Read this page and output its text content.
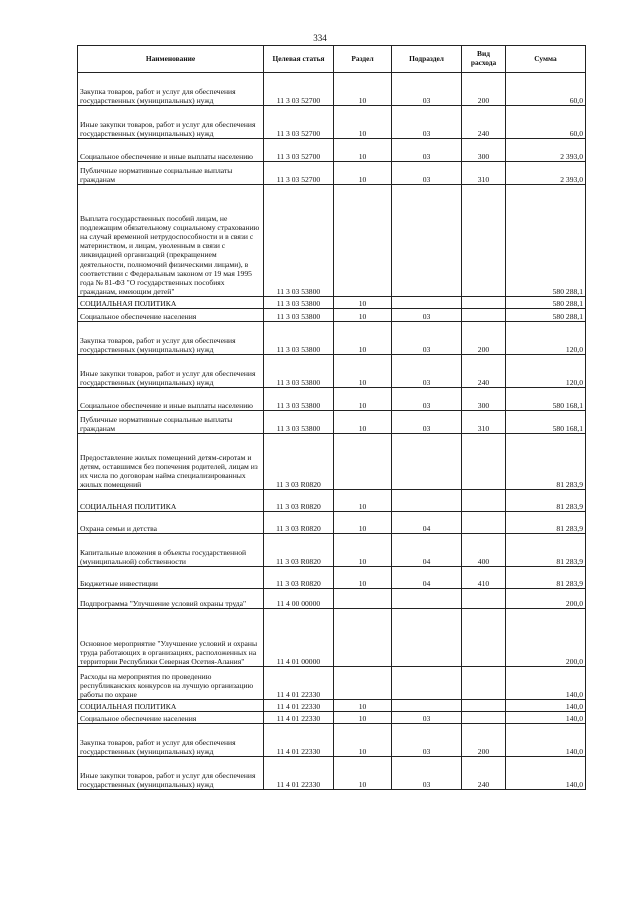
334
Наименование	Целевая статья	Раздел	Подраздел	Вид расхода	Сумма
Закупка товаров, работ и услуг для обеспечения государственных (муниципальных) нужд	11 3 03 52700	10	03	200	60,0
Иные закупки товаров, работ и услуг для обеспечения государственных (муниципальных) нужд	11 3 03 52700	10	03	240	60,0
Социальное обеспечение и иные выплаты населению	11 3 03 52700	10	03	300	2 393,0
Публичные нормативные социальные выплаты гражданам	11 3 03 52700	10	03	310	2 393,0
Выплата государственных пособий лицам, не подлежащим обязательному социальному страхованию на случай временной нетрудоспособности и в связи с материнством, и лицам, уволенным в связи с ликвидацией организаций (прекращением деятельности, полномочий физическими лицами), в соответствии с Федеральным законом от 19 мая 1995 года № 81-ФЗ "О государственных пособиях гражданам, имеющим детей"	11 3 03 53800				580 288,1
СОЦИАЛЬНАЯ ПОЛИТИКА	11 3 03 53800	10			580 288,1
Социальное обеспечение населения	11 3 03 53800	10	03		580 288,1
Закупка товаров, работ и услуг для обеспечения государственных (муниципальных) нужд	11 3 03 53800	10	03	200	120,0
Иные закупки товаров, работ и услуг для обеспечения государственных (муниципальных) нужд	11 3 03 53800	10	03	240	120,0
Социальное обеспечение и иные выплаты населению	11 3 03 53800	10	03	300	580 168,1
Публичные нормативные социальные выплаты гражданам	11 3 03 53800	10	03	310	580 168,1
Предоставление жилых помещений детям-сиротам и детям, оставшимся без попечения родителей, лицам из их числа по договорам найма специализированных жилых помещений	11 3 03 R0820				81 283,9
СОЦИАЛЬНАЯ ПОЛИТИКА	11 3 03 R0820	10			81 283,9
Охрана семьи и детства	11 3 03 R0820	10	04		81 283,9
Капитальные вложения в объекты государственной (муниципальной) собственности	11 3 03 R0820	10	04	400	81 283,9
Бюджетные инвестиции	11 3 03 R0820	10	04	410	81 283,9
Подпрограмма "Улучшение условий охраны труда"	11 4 00 00000				200,0
Основное мероприятие "Улучшение условий и охраны труда работающих в организациях, расположенных на территории Республики Северная Осетия-Алания"	11 4 01 00000				200,0
Расходы на мероприятия по проведению республиканских конкурсов на лучшую организацию работы по охране	11 4 01 22330				140,0
СОЦИАЛЬНАЯ ПОЛИТИКА	11 4 01 22330	10			140,0
Социальное обеспечение населения	11 4 01 22330	10	03		140,0
Закупка товаров, работ и услуг для обеспечения государственных (муниципальных) нужд	11 4 01 22330	10	03	200	140,0
Иные закупки товаров, работ и услуг для обеспечения государственных (муниципальных) нужд	11 4 01 22330	10	03	240	140,0
